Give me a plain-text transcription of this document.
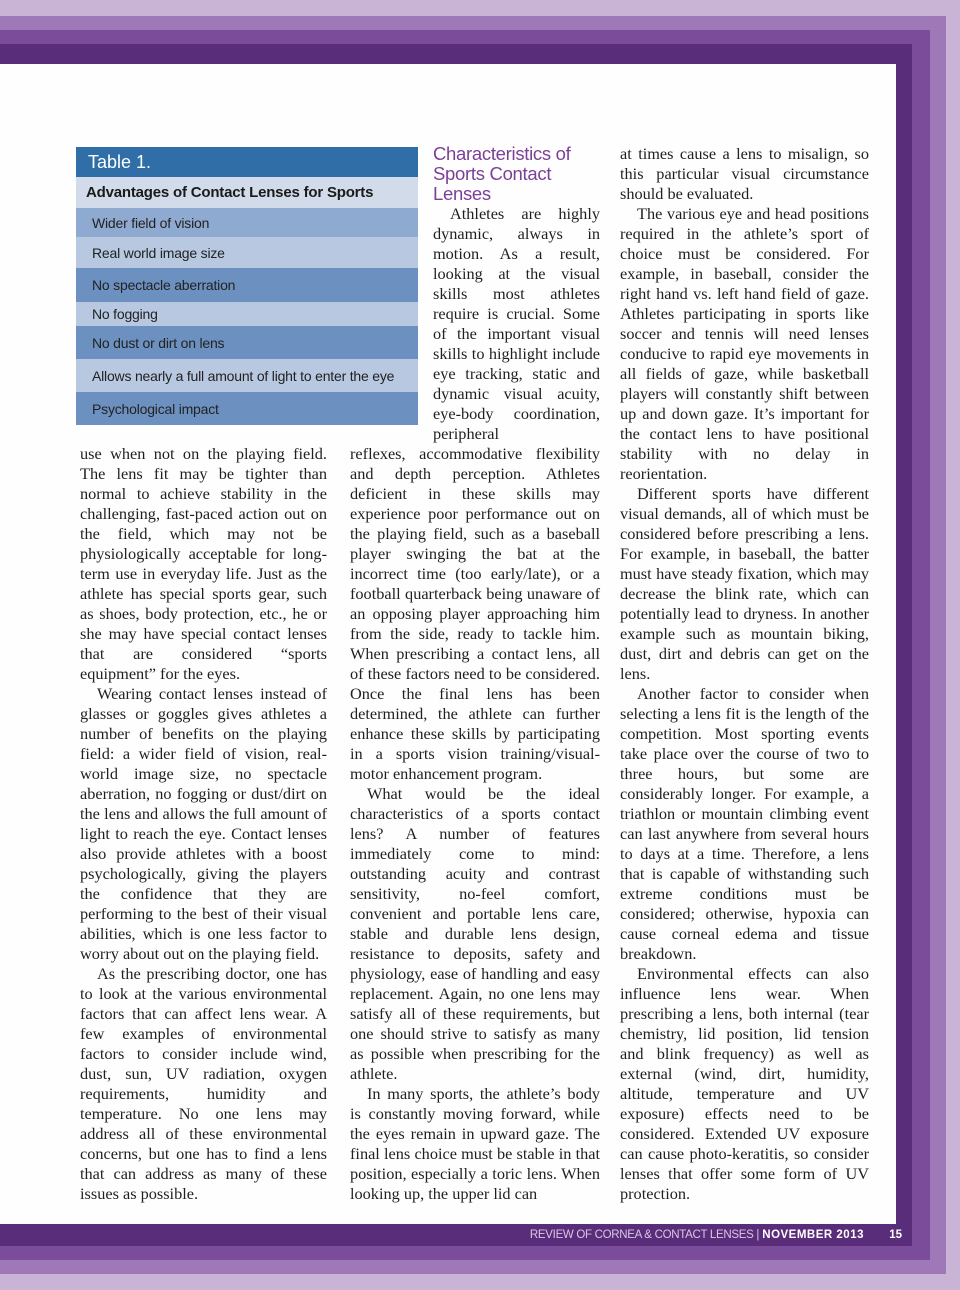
Table 1.
Advantages of Contact Lenses for Sports
Wider field of vision
Real world image size
No spectacle aberration
No fogging
No dust or dirt on lens
Allows nearly a full amount of light to enter the eye
Psychological impact

use when not on the playing field. The lens fit may be tighter than normal to achieve stability in the challenging, fast-paced action out on the field, which may not be physiologically acceptable for long-term use in everyday life. Just as the athlete has special sports gear, such as shoes, body protection, etc., he or she may have special contact lenses that are considered “sports equipment” for the eyes.

Wearing contact lenses instead of glasses or goggles gives athletes a number of benefits on the playing field: a wider field of vision, real-world image size, no spectacle aberration, no fogging or dust/dirt on the lens and allows the full amount of light to reach the eye. Contact lenses also provide athletes with a boost psychologically, giving the players the confidence that they are performing to the best of their visual abilities, which is one less factor to worry about out on the playing field.

As the prescribing doctor, one has to look at the various environmental factors that can affect lens wear. A few examples of environmental factors to consider include wind, dust, sun, UV radiation, oxygen requirements, humidity and temperature. No one lens may address all of these environmental concerns, but one has to find a lens that can address as many of these issues as possible.

Characteristics of Sports Contact Lenses

Athletes are highly dynamic, always in motion. As a result, looking at the visual skills most athletes require is crucial. Some of the important visual skills to highlight include eye tracking, static and dynamic visual acuity, eye-body coordination, peripheral

reflexes, accommodative flexibility and depth perception. Athletes deficient in these skills may experience poor performance out on the playing field, such as a baseball player swinging the bat at the incorrect time (too early/late), or a football quarterback being unaware of an opposing player approaching him from the side, ready to tackle him. When prescribing a contact lens, all of these factors need to be considered. Once the final lens has been determined, the athlete can further enhance these skills by participating in a sports vision training/visual-motor enhancement program.

What would be the ideal characteristics of a sports contact lens? A number of features immediately come to mind: outstanding acuity and contrast sensitivity, no-feel comfort, convenient and portable lens care, stable and durable lens design, resistance to deposits, safety and physiology, ease of handling and easy replacement. Again, no one lens may satisfy all of these requirements, but one should strive to satisfy as many as possible when prescribing for the athlete.

In many sports, the athlete’s body is constantly moving forward, while the eyes remain in upward gaze. The final lens choice must be stable in that position, especially a toric lens. When looking up, the upper lid can

at times cause a lens to misalign, so this particular visual circumstance should be evaluated.

The various eye and head positions required in the athlete’s sport of choice must be considered. For example, in baseball, consider the right hand vs. left hand field of gaze. Athletes participating in sports like soccer and tennis will need lenses conducive to rapid eye movements in all fields of gaze, while basketball players will constantly shift between up and down gaze. It’s important for the contact lens to have positional stability with no delay in reorientation.

Different sports have different visual demands, all of which must be considered before prescribing a lens. For example, in baseball, the batter must have steady fixation, which may decrease the blink rate, which can potentially lead to dryness. In another example such as mountain biking, dust, dirt and debris can get on the lens.

Another factor to consider when selecting a lens fit is the length of the competition. Most sporting events take place over the course of two to three hours, but some are considerably longer. For example, a triathlon or mountain climbing event can last anywhere from several hours to days at a time. Therefore, a lens that is capable of withstanding such extreme conditions must be considered; otherwise, hypoxia can cause corneal edema and tissue breakdown.

Environmental effects can also influence lens wear. When prescribing a lens, both internal (tear chemistry, lid position, lid tension and blink frequency) as well as external (wind, dirt, humidity, altitude, temperature and UV exposure) effects need to be considered. Extended UV exposure can cause photo-keratitis, so consider lenses that offer some form of UV protection.

REVIEW OF CORNEA & CONTACT LENSES | NOVEMBER 2013 15
